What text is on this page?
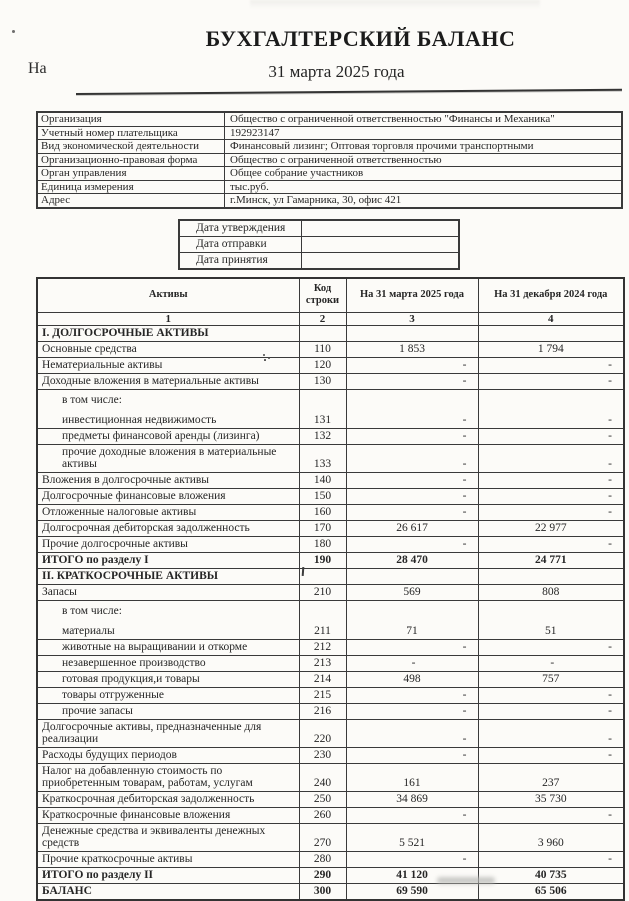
БУХГАЛТЕРСКИЙ БАЛАНС
На	31 марта 2025 года
Организация	Общество с ограниченной ответственностью "Финансы и Механика"
Учетный номер плательщика	192923147
Вид экономической деятельности	Финансовый лизинг; Оптовая торговля прочими транспортными
Организационно-правовая форма	Общество с ограниченной ответственностью
Орган управления	Общее собрание участников
Единица измерения	тыс.руб.
Адрес	г.Минск, ул Гамарника, 30, офис 421
Дата утверждения
Дата отправки
Дата принятия
Активы	Код строки	На 31 марта 2025 года	На 31 декабря 2024 года
1	2	3	4

I. ДОЛГОСРОЧНЫЕ АКТИВЫ			

Основные средства	110	1 853	1 794

Нематериальные активы	120	-	-

Доходные вложения в материальные активы	130	-	-

в том числе:
инвестиционная недвижимость	131	-	-

предметы финансовой аренды (лизинга)	132	-	-

прочие доходные вложения в материальные активы	133	-	-

Вложения в долгосрочные активы	140	-	-

Долгосрочные финансовые вложения	150	-	-

Отложенные налоговые активы	160	-	-

Долгосрочная дебиторская задолженность	170	26 617	22 977

Прочие долгосрочные активы	180	-	-

ИТОГО по разделу I	190	28 470	24 771

II. КРАТКОСРОЧНЫЕ АКТИВЫ			

Запасы	210	569	808

в том числе:
материалы	211	71	51

животные на выращивании и откорме	212	-	-

незавершенное производство	213	-	-

готовая продукция,и товары	214	498	757

товары отгруженные	215	-	-

прочие запасы	216	-	-

Долгосрочные активы, предназначенные для реализации	220	-	-

Расходы будущих периодов	230	-	-

Налог на добавленную стоимость по приобретенным товарам, работам, услугам	240	161	237

Краткосрочная дебиторская задолженность	250	34 869	35 730

Краткосрочные финансовые вложения	260	-	-

Денежные средства и эквиваленты денежных средств	270	5 521	3 960

Прочие краткосрочные активы	280	-	-

ИТОГО по разделу II	290	41 120	40 735

БАЛАНС	300	69 590	65 506
